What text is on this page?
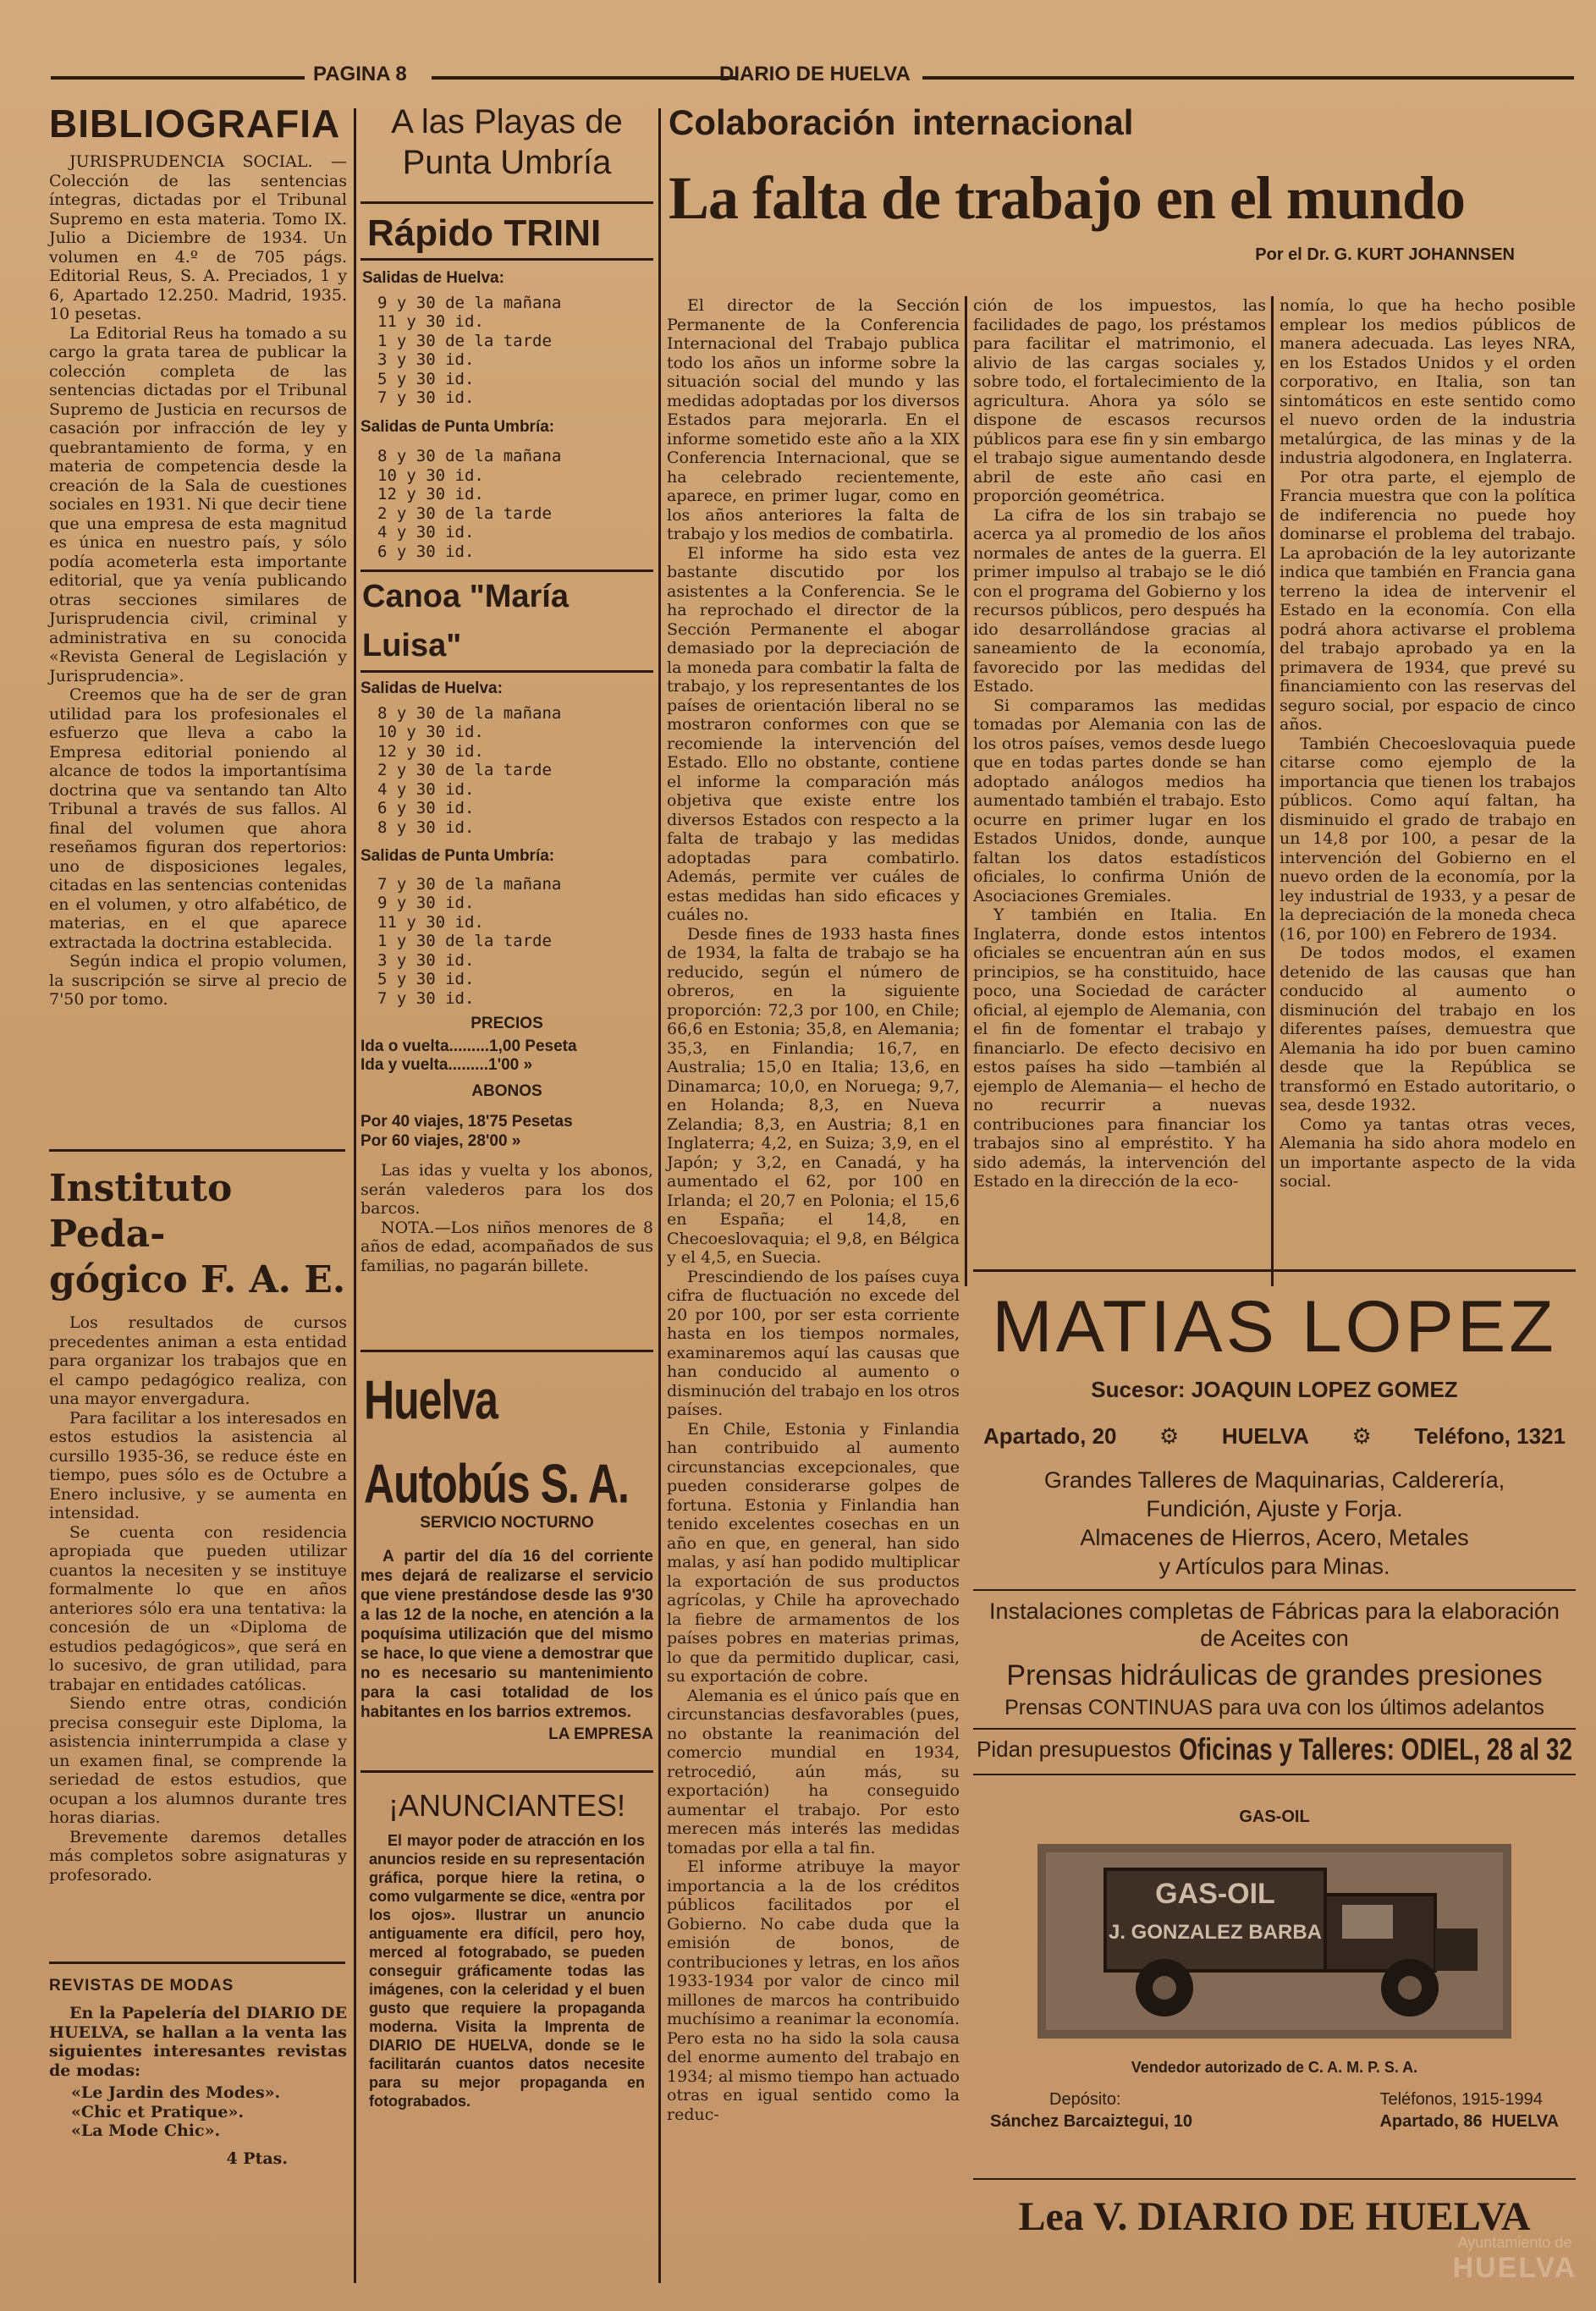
PAGINA 8	DIARIO DE HUELVA
BIBLIOGRAFIA

JURISPRUDENCIA SOCIAL. —Colección de las sentencias íntegras, dictadas por el Tribunal Supremo en esta materia. Tomo IX. Julio a Diciembre de 1934. Un volumen en 4.º de 705 págs. Editorial Reus, S. A. Preciados, 1 y 6, Apartado 12.250. Madrid, 1935. 10 pesetas.

La Editorial Reus ha tomado a su cargo la grata tarea de publicar la colección completa de las sentencias dictadas por el Tribunal Supremo de Justicia en recursos de casación por infracción de ley y quebrantamiento de forma, y en materia de competencia desde la creación de la Sala de cuestiones sociales en 1931. Ni que decir tiene que una empresa de esta magnitud es única en nuestro país, y sólo podía acometerla esta importante editorial, que ya venía publicando otras secciones similares de Jurisprudencia civil, criminal y administrativa en su conocida «Revista General de Legislación y Jurisprudencia».

Creemos que ha de ser de gran utilidad para los profesionales el esfuerzo que lleva a cabo la Empresa editorial poniendo al alcance de todos la importantísima doctrina que va sentando tan Alto Tribunal a través de sus fallos. Al final del volumen que ahora reseñamos figuran dos repertorios: uno de disposiciones legales, citadas en las sentencias contenidas en el volumen, y otro alfabético, de materias, en el que aparece extractada la doctrina establecida.

Según indica el propio volumen, la suscripción se sirve al precio de 7'50 por tomo.

Instituto Peda-
gógico F. A. E.

Los resultados de cursos precedentes animan a esta entidad para organizar los trabajos que en el campo pedagógico realiza, con una mayor envergadura.

Para facilitar a los interesados en estos estudios la asistencia al cursillo 1935-36, se reduce éste en tiempo, pues sólo es de Octubre a Enero inclusive, y se aumenta en intensidad.

Se cuenta con residencia apropiada que pueden utilizar cuantos la necesiten y se instituye formalmente lo que en años anteriores sólo era una tentativa: la concesión de un «Diploma de estudios pedagógicos», que será en lo sucesivo, de gran utilidad, para trabajar en entidades católicas.

Siendo entre otras, condición precisa conseguir este Diploma, la asistencia ininterrumpida a clase y un examen final, se comprende la seriedad de estos estudios, que ocupan a los alumnos durante tres horas diarias.

Brevemente daremos detalles más completos sobre asignaturas y profesorado.

REVISTAS DE MODAS

En la Papelería del DIARIO DE HUELVA, se hallan a la venta las siguientes interesantes revistas de modas:

«Le Jardin des Modes».
«Chic et Pratique».
«La Mode Chic».
4 Ptas.
A las Playas de
Punta Umbría
Rápido TRINI
Salidas de Huelva:
9 y 30 de la mañana
11 y 30 id.
1 y 30 de la tarde
3 y 30 id.
5 y 30 id.
7 y 30 id.
Salidas de Punta Umbría:
8 y 30 de la mañana
10 y 30 id.
12 y 30 id.
2 y 30 de la tarde
4 y 30 id.
6 y 30 id.
Canoa "María Luisa"
Salidas de Huelva:
8 y 30 de la mañana
10 y 30 id.
12 y 30 id.
2 y 30 de la tarde
4 y 30 id.
6 y 30 id.
8 y 30 id.
Salidas de Punta Umbría:
7 y 30 de la mañana
9 y 30 id.
11 y 30 id.
1 y 30 de la tarde
3 y 30 id.
5 y 30 id.
7 y 30 id.
PRECIOS
Ida o vuelta.........1,00 Peseta
Ida y vuelta.........1'00 »
ABONOS
Por 40 viajes, 18'75 Pesetas
Por 60 viajes, 28'00 »

Las idas y vuelta y los abonos, serán valederos para los dos barcos.

NOTA.—Los niños menores de 8 años de edad, acompañados de sus familias, no pagarán billete.

Huelva Autobús S. A.
SERVICIO NOCTURNO
A partir del día 16 del corriente mes dejará de realizarse el servicio que viene prestándose desde las 9'30 a las 12 de la noche, en atención a la poquísima utilización que del mismo se hace, lo que viene a demostrar que no es necesario su mantenimiento para la casi totalidad de los habitantes en los barrios extremos.
LA EMPRESA
¡ANUNCIANTES!
El mayor poder de atracción en los anuncios reside en su representación gráfica, porque hiere la retina, o como vulgarmente se dice, «entra por los ojos». Ilustrar un anuncio antiguamente era difícil, pero hoy, merced al fotograbado, se pueden conseguir gráficamente todas las imágenes, con la celeridad y el buen gusto que requiere la propaganda moderna. Visita la Imprenta de DIARIO DE HUELVA, donde se le facilitarán cuantos datos necesite para su mejor propaganda en fotograbados.
Colaboración internacional
La falta de trabajo en el mundo
Por el Dr. G. KURT JOHANNSEN

El director de la Sección Permanente de la Conferencia Internacional del Trabajo publica todo los años un informe sobre la situación social del mundo y las medidas adoptadas por los diversos Estados para mejorarla. En el informe sometido este año a la XIX Conferencia Internacional, que se ha celebrado recientemente, aparece, en primer lugar, como en los años anteriores la falta de trabajo y los medios de combatirla.

El informe ha sido esta vez bastante discutido por los asistentes a la Conferencia. Se le ha reprochado el director de la Sección Permanente el abogar demasiado por la depreciación de la moneda para combatir la falta de trabajo, y los representantes de los países de orientación liberal no se mostraron conformes con que se recomiende la intervención del Estado. Ello no obstante, contiene el informe la comparación más objetiva que existe entre los diversos Estados con respecto a la falta de trabajo y las medidas adoptadas para combatirlo. Además, permite ver cuáles de estas medidas han sido eficaces y cuáles no.

Desde fines de 1933 hasta fines de 1934, la falta de trabajo se ha reducido, según el número de obreros, en la siguiente proporción: 72,3 por 100, en Chile; 66,6 en Estonia; 35,8, en Alemania; 35,3, en Finlandia; 16,7, en Australia; 15,0 en Italia; 13,6, en Dinamarca; 10,0, en Noruega; 9,7, en Holanda; 8,3, en Nueva Zelandia; 8,3, en Austria; 8,1 en Inglaterra; 4,2, en Suiza; 3,9, en el Japón; y 3,2, en Canadá, y ha aumentado el 62, por 100 en Irlanda; el 20,7 en Polonia; el 15,6 en España; el 14,8, en Checoeslovaquia; el 9,8, en Bélgica y el 4,5, en Suecia.

Prescindiendo de los países cuya cifra de fluctuación no excede del 20 por 100, por ser esta corriente hasta en los tiempos normales, examinaremos aquí las causas que han conducido al aumento o disminución del trabajo en los otros países.

En Chile, Estonia y Finlandia han contribuido al aumento circunstancias excepcionales, que pueden considerarse golpes de fortuna. Estonia y Finlandia han tenido excelentes cosechas en un año en que, en general, han sido malas, y así han podido multiplicar la exportación de sus productos agrícolas, y Chile ha aprovechado la fiebre de armamentos de los países pobres en materias primas, lo que da permitido duplicar, casi, su exportación de cobre.

Alemania es el único país que en circunstancias desfavorables (pues, no obstante la reanimación del comercio mundial en 1934, retrocedió, aún más, su exportación) ha conseguido aumentar el trabajo. Por esto merecen más interés las medidas tomadas por ella a tal fin.

El informe atribuye la mayor importancia a la de los créditos públicos facilitados por el Gobierno. No cabe duda que la emisión de bonos, de contribuciones y letras, en los años 1933-1934 por valor de cinco mil millones de marcos ha contribuido muchísimo a reanimar la economía. Pero esta no ha sido la sola causa del enorme aumento del trabajo en 1934; al mismo tiempo han actuado otras en igual sentido como la reduc-

ción de los impuestos, las facilidades de pago, los préstamos para facilitar el matrimonio, el alivio de las cargas sociales y, sobre todo, el fortalecimiento de la agricultura. Ahora ya sólo se dispone de escasos recursos públicos para ese fin y sin embargo el trabajo sigue aumentando desde abril de este año casi en proporción geométrica.

La cifra de los sin trabajo se acerca ya al promedio de los años normales de antes de la guerra. El primer impulso al trabajo se le dió con el programa del Gobierno y los recursos públicos, pero después ha ido desarrollándose gracias al saneamiento de la economía, favorecido por las medidas del Estado.

Si comparamos las medidas tomadas por Alemania con las de los otros países, vemos desde luego que en todas partes donde se han adoptado análogos medios ha aumentado también el trabajo. Esto ocurre en primer lugar en los Estados Unidos, donde, aunque faltan los datos estadísticos oficiales, lo confirma Unión de Asociaciones Gremiales.

Y también en Italia. En Inglaterra, donde estos intentos oficiales se encuentran aún en sus principios, se ha constituido, hace poco, una Sociedad de carácter oficial, al ejemplo de Alemania, con el fin de fomentar el trabajo y financiarlo. De efecto decisivo en estos países ha sido —también al ejemplo de Alemania— el hecho de no recurrir a nuevas contribuciones para financiar los trabajos sino al empréstito. Y ha sido además, la intervención del Estado en la dirección de la eco-

nomía, lo que ha hecho posible emplear los medios públicos de manera adecuada. Las leyes NRA, en los Estados Unidos y el orden corporativo, en Italia, son tan sintomáticos en este sentido como el nuevo orden de la industria metalúrgica, de las minas y de la industria algodonera, en Inglaterra.

Por otra parte, el ejemplo de Francia muestra que con la política de indiferencia no puede hoy dominarse el problema del trabajo. La aprobación de la ley autorizante indica que también en Francia gana terreno la idea de intervenir el Estado en la economía. Con ella podrá ahora activarse el problema del trabajo aprobado ya en la primavera de 1934, que prevé su financiamiento con las reservas del seguro social, por espacio de cinco años.

También Checoeslovaquia puede citarse como ejemplo de la importancia que tienen los trabajos públicos. Como aquí faltan, ha disminuido el grado de trabajo en un 14,8 por 100, a pesar de la intervención del Gobierno en el nuevo orden de la economía, por la ley industrial de 1933, y a pesar de la depreciación de la moneda checa (16, por 100) en Febrero de 1934.

De todos modos, el examen detenido de las causas que han conducido al aumento o disminución del trabajo en los diferentes países, demuestra que Alemania ha ido por buen camino desde que la República se transformó en Estado autoritario, o sea, desde 1932.

Como ya tantas otras veces, Alemania ha sido ahora modelo en un importante aspecto de la vida social.

MATIAS LOPEZ
Sucesor: JOAQUIN LOPEZ GOMEZ
Apartado, 20 ⚙ HUELVA ⚙ Teléfono, 1321
Grandes Talleres de Maquinarias, Calderería,
Fundición, Ajuste y Forja.
Almacenes de Hierros, Acero, Metales
y Artículos para Minas.
Instalaciones completas de Fábricas para la elaboración
de Aceites con
Prensas hidráulicas de grandes presiones
Prensas CONTINUAS para uva con los últimos adelantos
Pidan presupuestos Oficinas y Talleres: ODIEL, 28 al 32
GAS-OIL
GAS-OIL
J. GONZALEZ BARBA
Vendedor autorizado de C. A. M. P. S. A.
Depósito:
Sánchez Barcaiztegui, 10
Teléfonos, 1915-1994
Apartado, 86 HUELVA
Lea V. DIARIO DE HUELVA
Ayuntamiento de
HUELVA
